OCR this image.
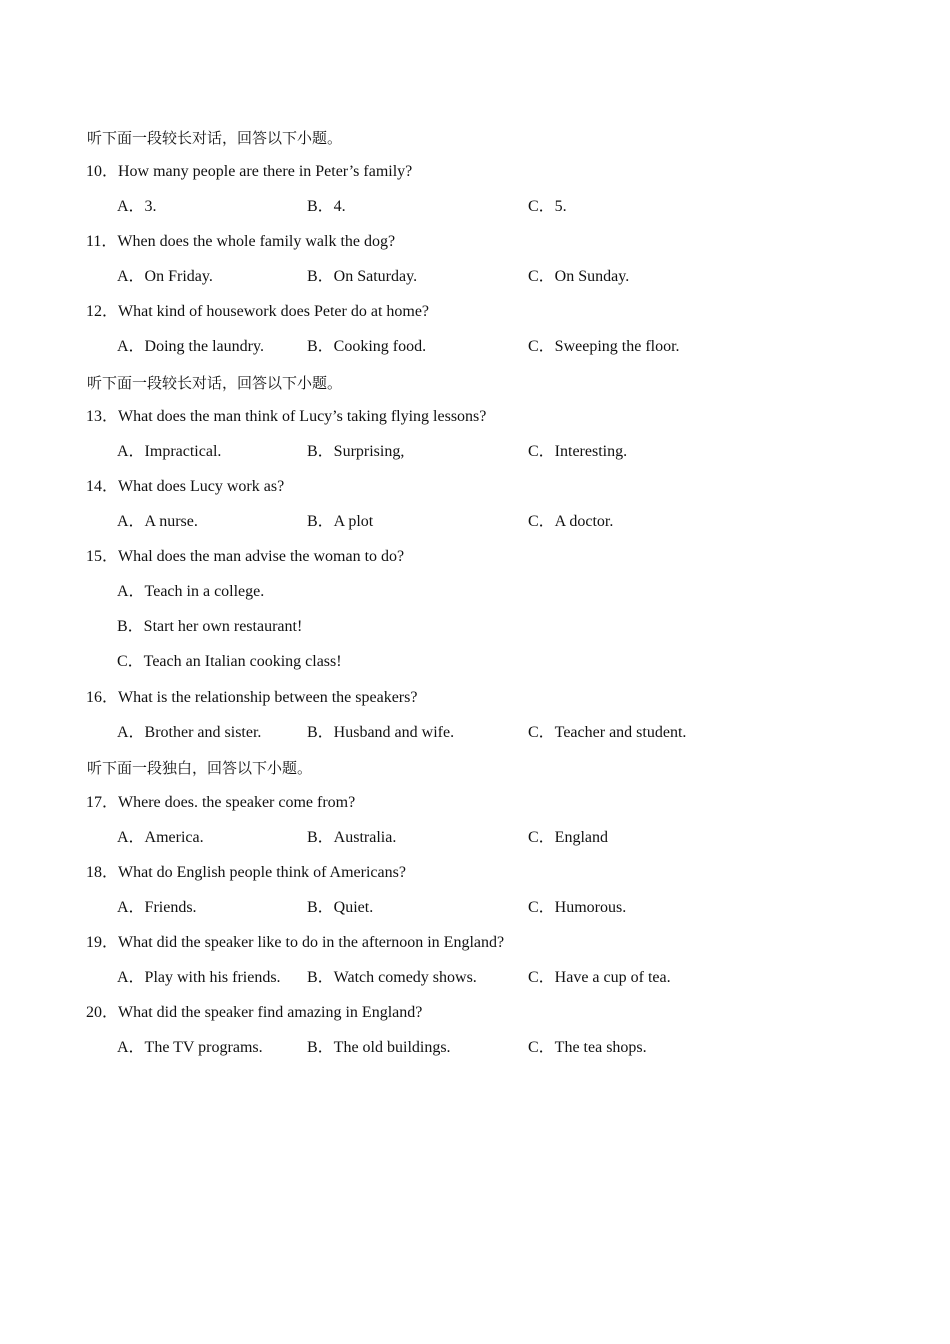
听下面一段较长对话，回答以下小题。
10．How many people are there in Peter’s family?
A．3.	B．4.	C．5.
11．When does the whole family walk the dog?
A．On Friday.	B．On Saturday.	C．On Sunday.
12．What kind of housework does Peter do at home?
A．Doing the laundry.	B．Cooking food.	C．Sweeping the floor.
听下面一段较长对话，回答以下小题。
13．What does the man think of Lucy’s taking flying lessons?
A．Impractical.	B．Surprising,	C．Interesting.
14．What does Lucy work as?
A．A nurse.	B．A plot	C．A doctor.
15．Whal does the man advise the woman to do?
A．Teach in a college.
B．Start her own restaurant!
C．Teach an Italian cooking class!
16．What is the relationship between the speakers?
A．Brother and sister.	B．Husband and wife.	C．Teacher and student.
听下面一段独白，回答以下小题。
17．Where does. the speaker come from?
A．America.	B．Australia.	C．England
18．What do English people think of Americans?
A．Friends.	B．Quiet.	C．Humorous.
19．What did the speaker like to do in the afternoon in England?
A．Play with his friends. B．Watch comedy shows.	C．Have a cup of tea.
20．What did the speaker find amazing in England?
A．The TV programs.	B．The old buildings.	C．The tea shops.
